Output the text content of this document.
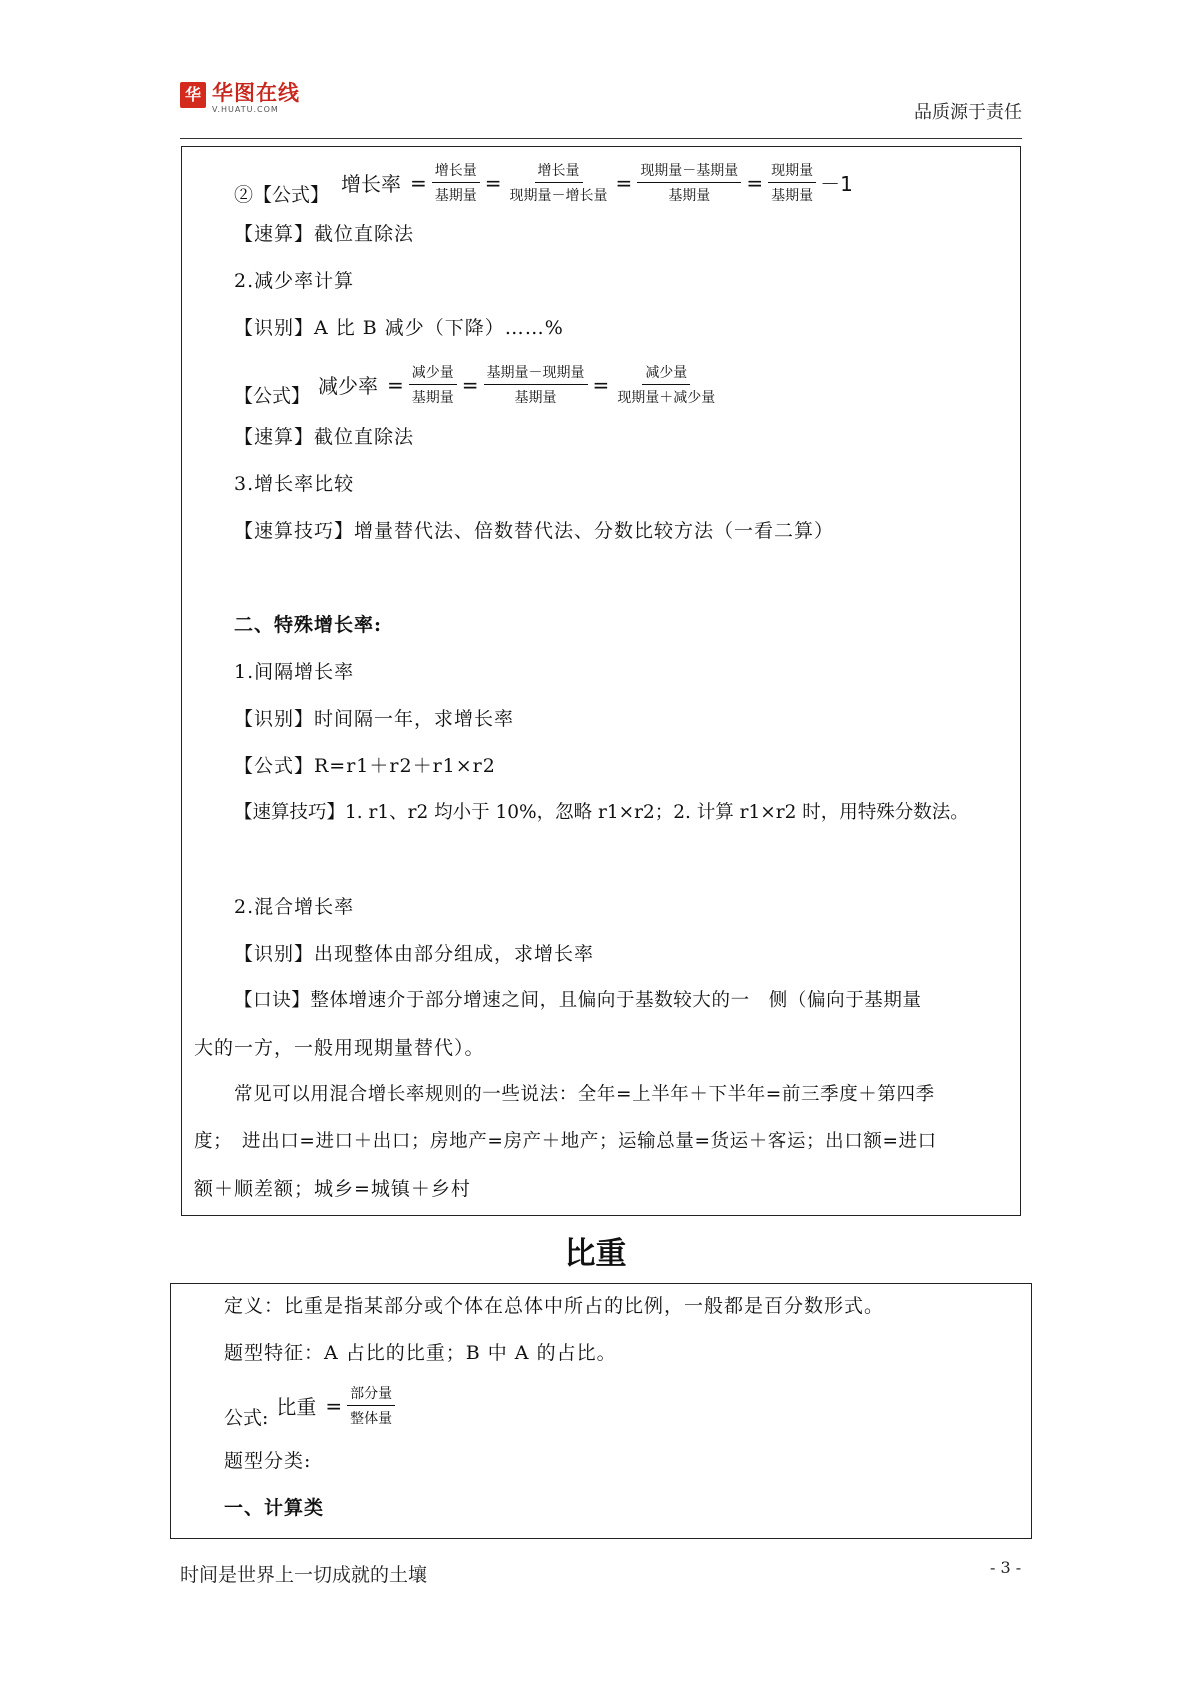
华 华图在线
V.HUATU.COM	品质源于责任
②【公式】 增长率 = $\frac{\text{增长量}}{\text{基期量}} = \frac{\text{增长量}}{\text{现期量－增长量}} = \frac{\text{现期量－基期量}}{\text{基期量}} = \frac{\text{现期量}}{\text{基期量}} -1$
【速算】截位直除法
2.减少率计算
【识别】A 比 B 减少（下降）……%
【公式】 减少率 = $\frac{\text{减少量}}{\text{基期量}} = \frac{\text{基期量－现期量}}{\text{基期量}} = \frac{\text{减少量}}{\text{现期量＋减少量}}$
【速算】截位直除法
3.增长率比较
【速算技巧】增量替代法、倍数替代法、分数比较方法（一看二算）
二、特殊增长率:
1.间隔增长率
【识别】时间隔一年，求增长率
【公式】R=r1＋r2＋r1×r2
【速算技巧】1. r1、r2 均小于 10%，忽略 r1×r2；2. 计算 r1×r2 时，用特殊分数法。
2.混合增长率
【识别】出现整体由部分组成，求增长率
【口诀】整体增速介于部分增速之间，且偏向于基数较大的一　侧（偏向于基期量
大的一方，一般用现期量替代）。
常见可以用混合增长率规则的一些说法：全年=上半年＋下半年=前三季度＋第四季
度；　进出口=进口＋出口；房地产=房产＋地产；运输总量=货运＋客运；出口额=进口
额＋顺差额；城乡=城镇＋乡村
比重
定义：比重是指某部分或个体在总体中所占的比例，一般都是百分数形式。
题型特征：A 占比的比重；B 中 A 的占比。
公式: 比重 = $\frac{\text{部分量}}{\text{整体量}}$
题型分类:
一、计算类
时间是世界上一切成就的土壤	- 3 -
